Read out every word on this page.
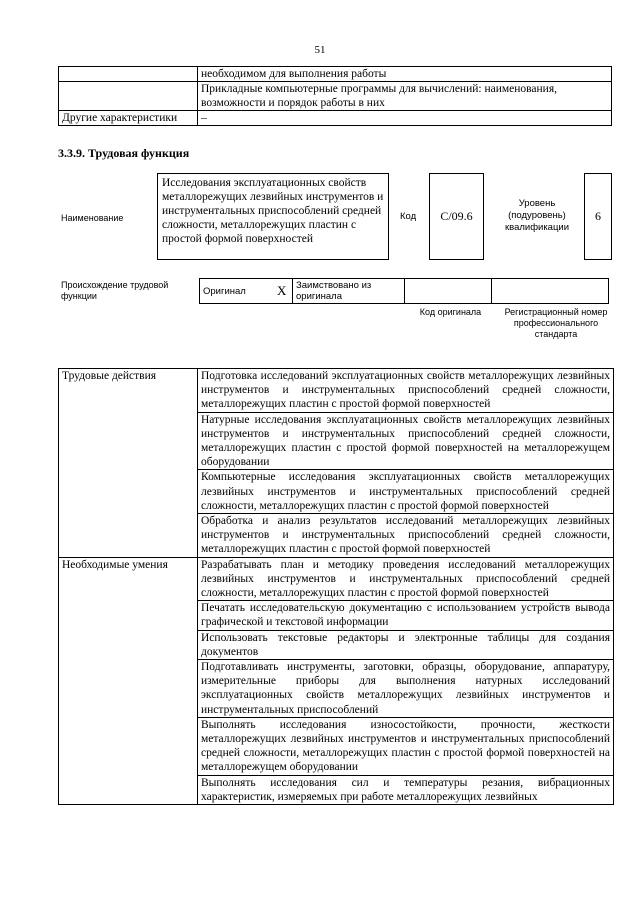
51
	необходимом для выполнения работы
	Прикладные компьютерные программы для вычислений: наименования, возможности и порядок работы в них
Другие характеристики	–
3.3.9. Трудовая функция
Наименование
Исследования эксплуатационных свойств металлорежущих лезвийных инструментов и инструментальных приспособлений средней сложности, металлорежущих пластин с простой формой поверхностей
Код	С/09.6
Уровень (подуровень) квалификации
6
Происхождение трудовой функции	Оригинал	X	Заимствовано из оригинала		
Код оригинала	Регистрационный номер профессионального стандарта
Трудовые действия	Подготовка исследований эксплуатационных свойств металлорежущих лезвийных инструментов и инструментальных приспособлений средней сложности, металлорежущих пластин с простой формой поверхностей
	Натурные исследования эксплуатационных свойств металлорежущих лезвийных инструментов и инструментальных приспособлений средней сложности, металлорежущих пластин с простой формой поверхностей на металлорежущем оборудовании
	Компьютерные исследования эксплуатационных свойств металлорежущих лезвийных инструментов и инструментальных приспособлений средней сложности, металлорежущих пластин с простой формой поверхностей
	Обработка и анализ результатов исследований металлорежущих лезвийных инструментов и инструментальных приспособлений средней сложности, металлорежущих пластин с простой формой поверхностей
Необходимые умения	Разрабатывать план и методику проведения исследований металлорежущих лезвийных инструментов и инструментальных приспособлений средней сложности, металлорежущих пластин с простой формой поверхностей
	Печатать исследовательскую документацию с использованием устройств вывода графической и текстовой информации
	Использовать текстовые редакторы и электронные таблицы для создания документов
	Подготавливать инструменты, заготовки, образцы, оборудование, аппаратуру, измерительные приборы для выполнения натурных исследований эксплуатационных свойств металлорежущих лезвийных инструментов и инструментальных приспособлений
	Выполнять исследования износостойкости, прочности, жесткости металлорежущих лезвийных инструментов и инструментальных приспособлений средней сложности, металлорежущих пластин с простой формой поверхностей на металлорежущем оборудовании
	Выполнять исследования сил и температуры резания, вибрационных характеристик, измеряемых при работе металлорежущих лезвийных
